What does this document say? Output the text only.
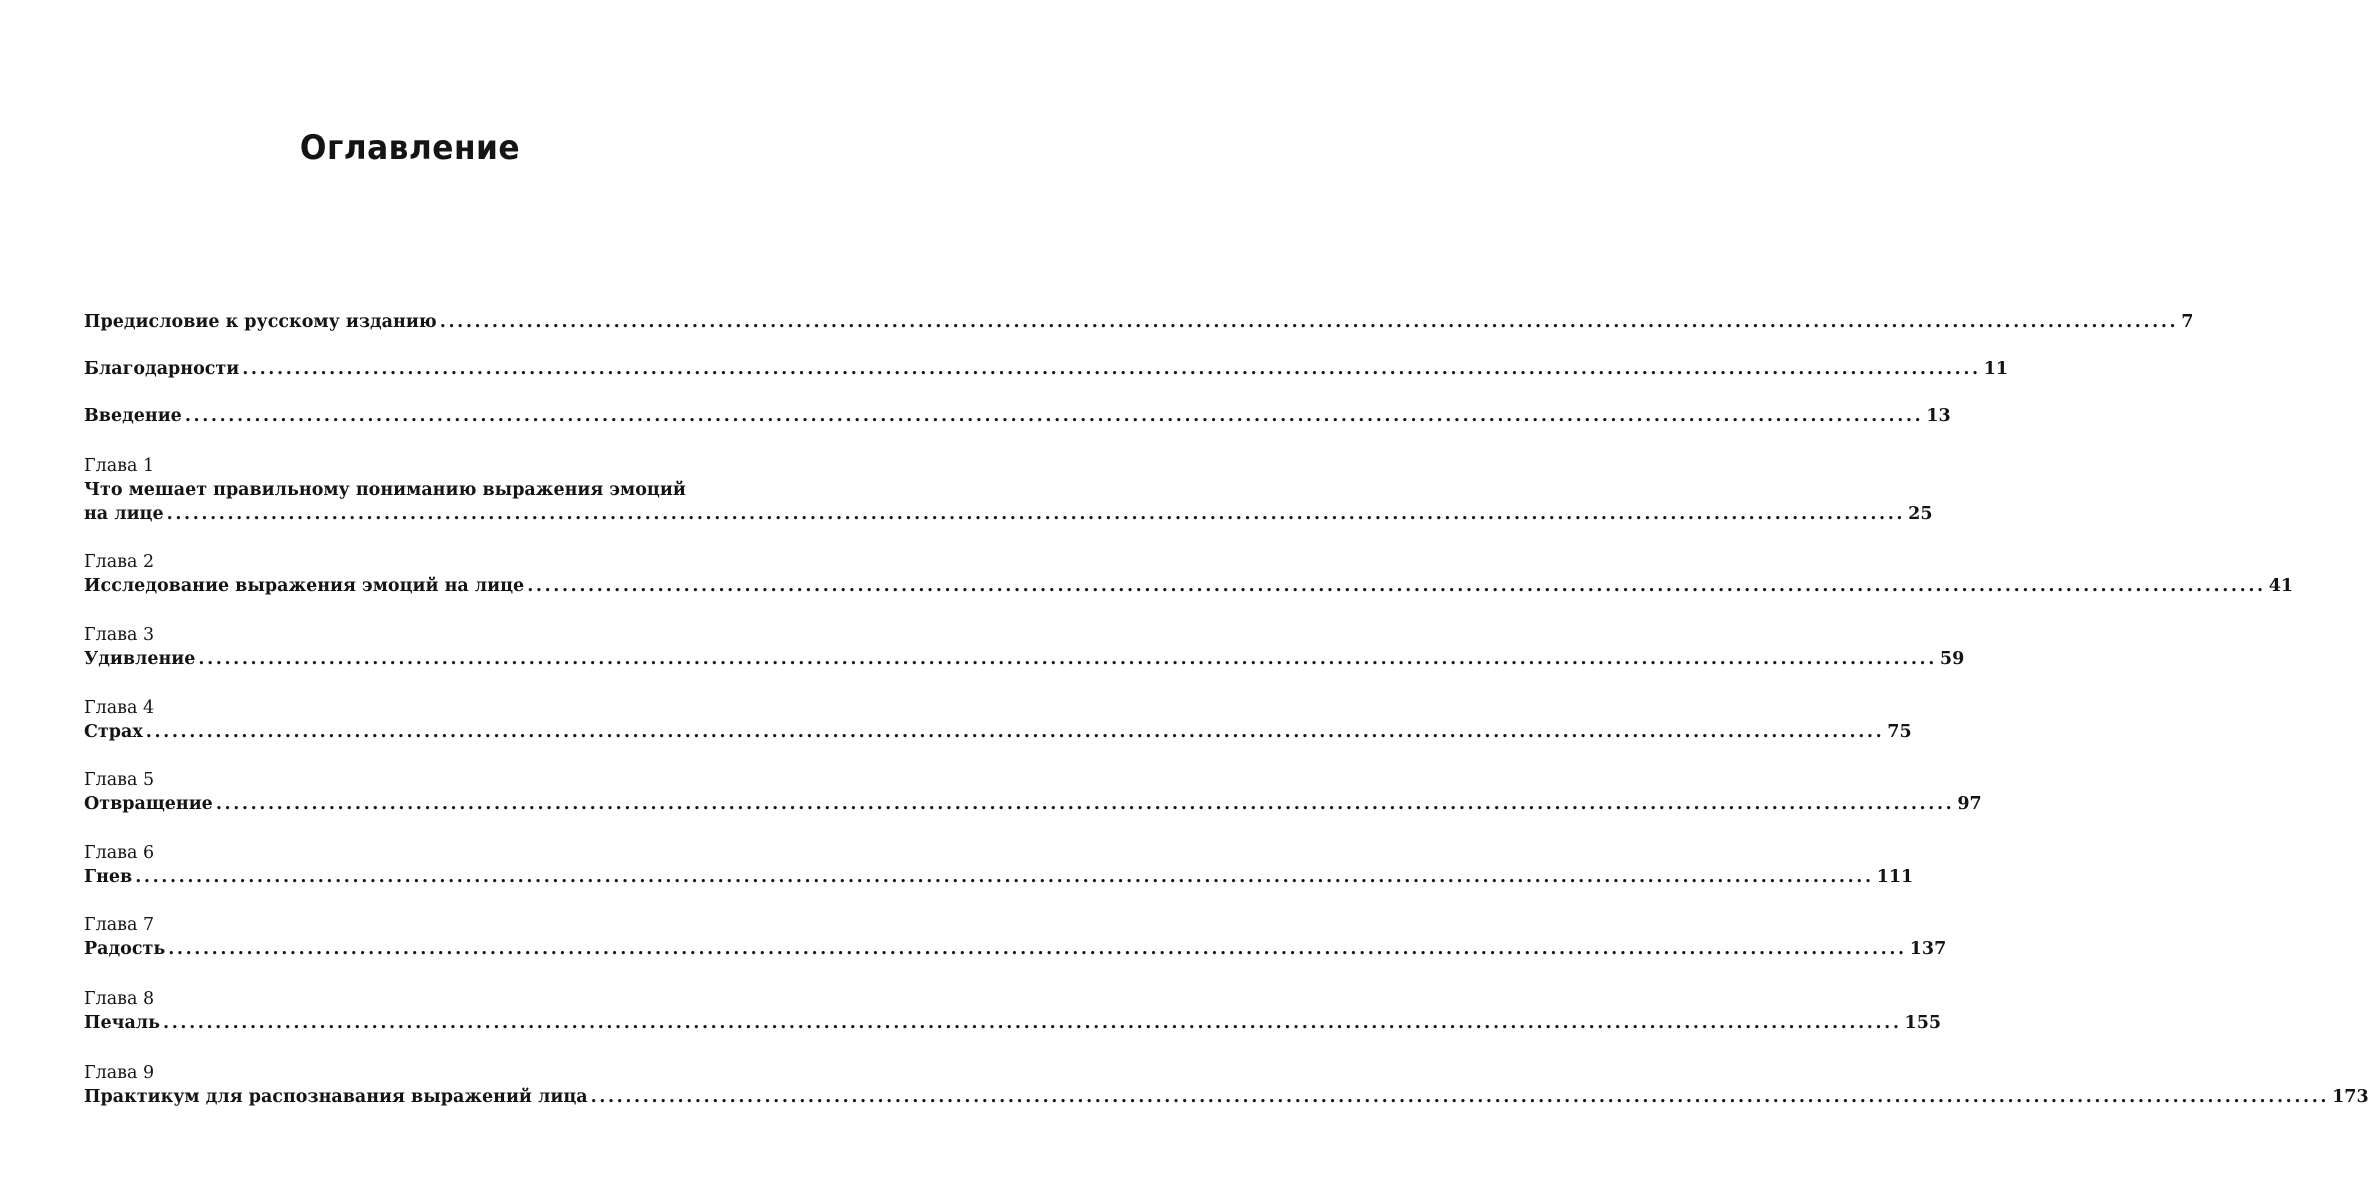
Оглавление
Предисловие к русскому изданию ........................................................................................................................................................................................................ 7
Благодарности ........................................................................................................................................................................................................ 11
Введение ........................................................................................................................................................................................................ 13
Глава 1
Что мешает правильному пониманию выражения эмоций
на лице ........................................................................................................................................................................................................ 25
Глава 2
Исследование выражения эмоций на лице ........................................................................................................................................................................................................ 41
Глава 3
Удивление ........................................................................................................................................................................................................ 59
Глава 4
Страх ........................................................................................................................................................................................................ 75
Глава 5
Отвращение ........................................................................................................................................................................................................ 97
Глава 6
Гнев ........................................................................................................................................................................................................ 111
Глава 7
Радость ........................................................................................................................................................................................................ 137
Глава 8
Печаль ........................................................................................................................................................................................................ 155
Глава 9
Практикум для распознавания выражений лица ........................................................................................................................................................................................................ 173
